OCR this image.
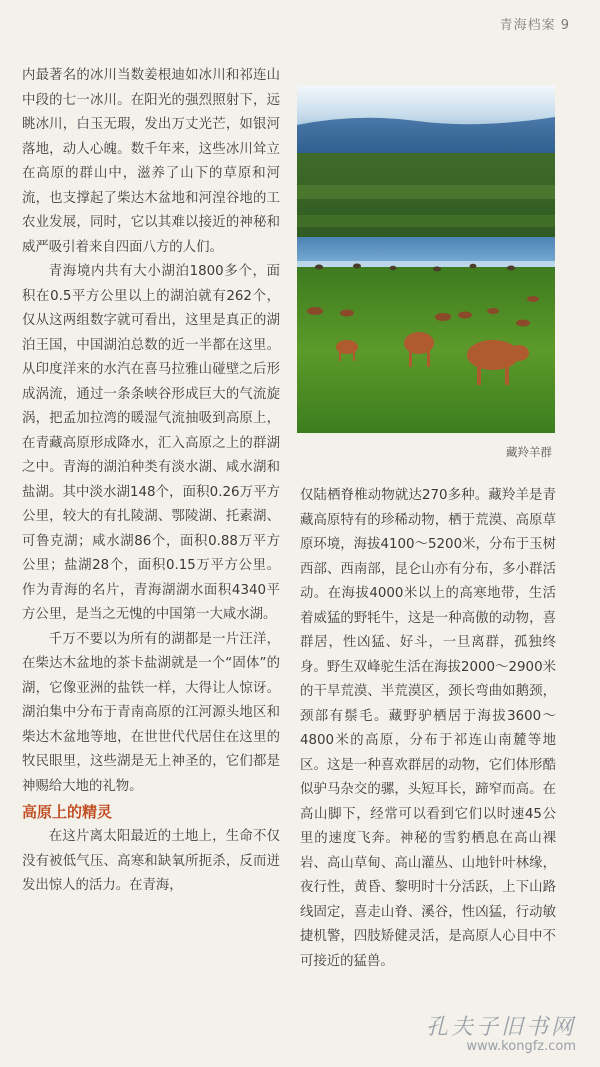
青海档案 9

内最著名的冰川当数姜根迪如冰川和祁连山中段的七一冰川。在阳光的强烈照射下，远眺冰川，白玉无瑕，发出万丈光芒，如银河落地，动人心魄。数千年来，这些冰川耸立在高原的群山中，滋养了山下的草原和河流，也支撑起了柴达木盆地和河湟谷地的工农业发展，同时，它以其难以接近的神秘和威严吸引着来自四面八方的人们。

青海境内共有大小湖泊1800多个，面积在0.5平方公里以上的湖泊就有262个，仅从这两组数字就可看出，这里是真正的湖泊王国，中国湖泊总数的近一半都在这里。从印度洋来的水汽在喜马拉雅山碰壁之后形成涡流，通过一条条峡谷形成巨大的气流旋涡，把孟加拉湾的暖湿气流抽吸到高原上，在青藏高原形成降水，汇入高原之上的群湖之中。青海的湖泊种类有淡水湖、咸水湖和盐湖。其中淡水湖148个，面积0.26万平方公里，较大的有扎陵湖、鄂陵湖、托素湖、可鲁克湖；咸水湖86个，面积0.88万平方公里；盐湖28个，面积0.15万平方公里。作为青海的名片，青海湖湖水面积4340平方公里，是当之无愧的中国第一大咸水湖。

千万不要以为所有的湖都是一片汪洋，在柴达木盆地的茶卡盐湖就是一个“固体”的湖，它像亚洲的盐铁一样，大得让人惊讶。湖泊集中分布于青南高原的江河源头地区和柴达木盆地等地，在世世代代居住在这里的牧民眼里，这些湖是无上神圣的，它们都是神赐给大地的礼物。

高原上的精灵

在这片离太阳最近的土地上，生命不仅没有被低气压、高寒和缺氧所扼杀，反而迸发出惊人的活力。在青海，

藏羚羊群

仅陆栖脊椎动物就达270多种。藏羚羊是青藏高原特有的珍稀动物，栖于荒漠、高原草原环境，海拔4100～5200米，分布于玉树西部、西南部，昆仑山亦有分布，多小群活动。在海拔4000米以上的高寒地带，生活着威猛的野牦牛，这是一种高傲的动物，喜群居，性凶猛、好斗，一旦离群，孤独终身。野生双峰驼生活在海拔2000～2900米的干旱荒漠、半荒漠区，颈长弯曲如鹅颈，颈部有鬃毛。藏野驴栖居于海拔3600～4800米的高原，分布于祁连山南麓等地区。这是一种喜欢群居的动物，它们体形酷似驴马杂交的骡，头短耳长，蹄窄而高。在高山脚下，经常可以看到它们以时速45公里的速度飞奔。神秘的雪豹栖息在高山裸岩、高山草甸、高山灌丛、山地针叶林缘，夜行性，黄昏、黎明时十分活跃，上下山路线固定，喜走山脊、溪谷，性凶猛，行动敏捷机警，四肢矫健灵活，是高原人心目中不可接近的猛兽。

孔夫子旧书网
www.kongfz.com
